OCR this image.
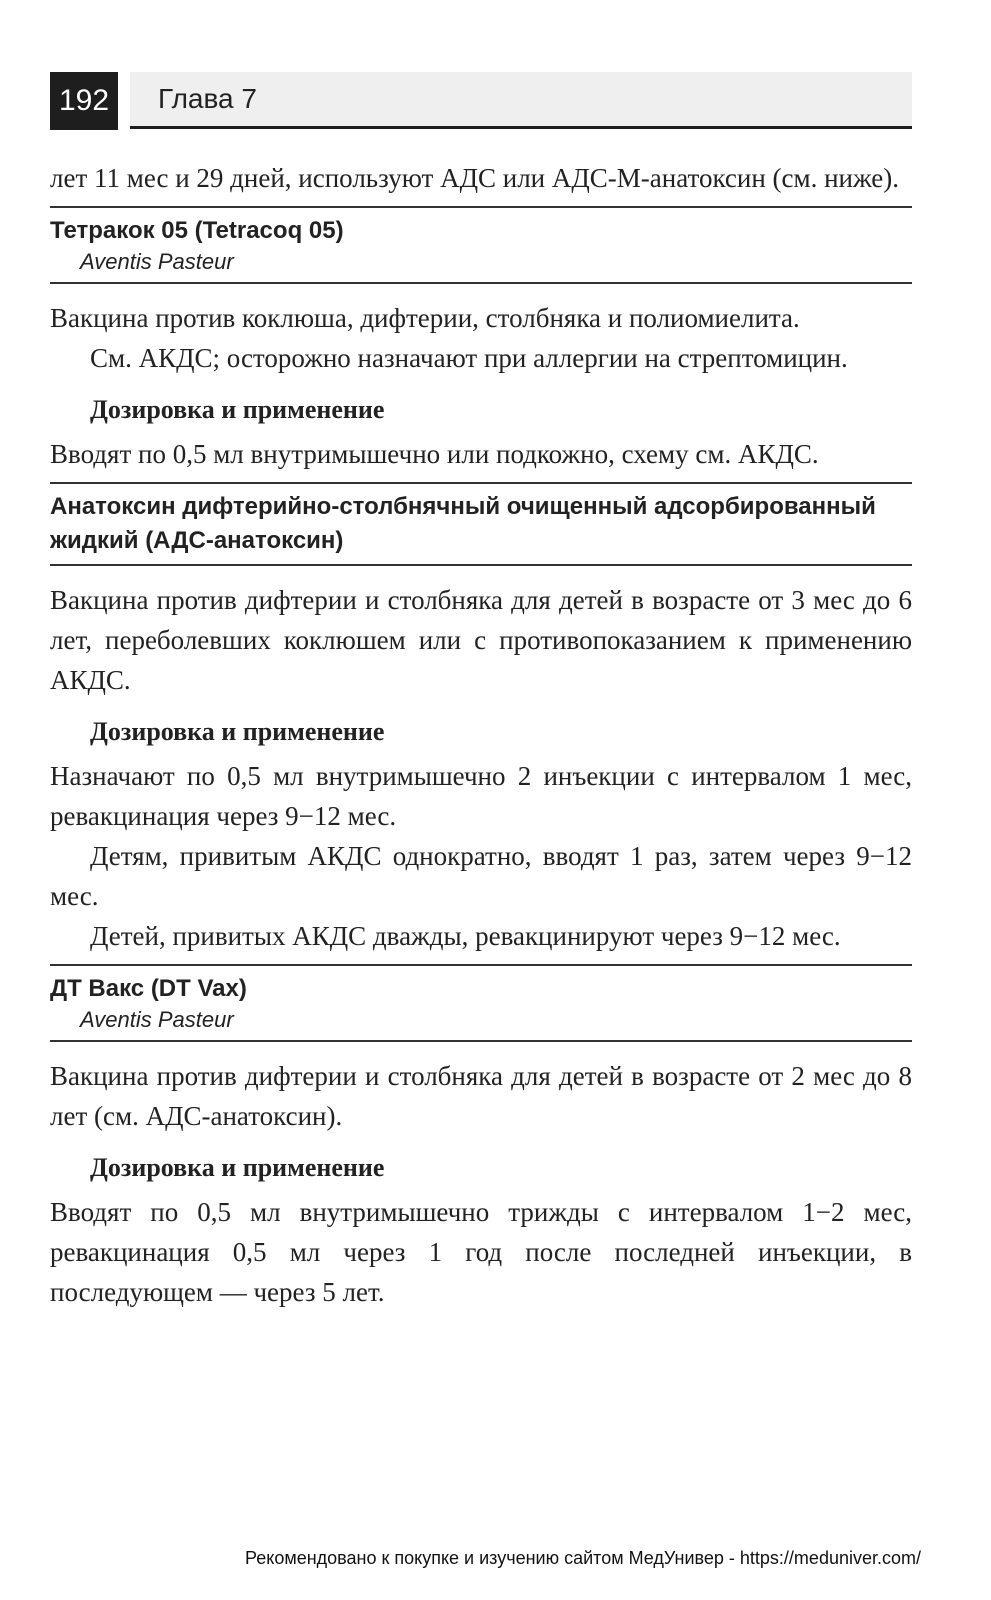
192	Глава 7

лет 11 мес и 29 дней, используют АДС или АДС-М-анатоксин (см. ниже).

Тетракок 05 (Tetracoq 05)
Aventis Pasteur

Вакцина против коклюша, дифтерии, столбняка и полиомиелита.

См. АКДС; осторожно назначают при аллергии на стрептомицин.

Дозировка и применение

Вводят по 0,5 мл внутримышечно или подкожно, схему см. АКДС.

Анатоксин дифтерийно-столбнячный очищенный адсорбированный жидкий (АДС-анатоксин)

Вакцина против дифтерии и столбняка для детей в возрасте от 3 мес до 6 лет, переболевших коклюшем или с противопоказанием к применению АКДС.

Дозировка и применение

Назначают по 0,5 мл внутримышечно 2 инъекции с интервалом 1 мес, ревакцинация через 9−12 мес.

Детям, привитым АКДС однократно, вводят 1 раз, затем через 9−12 мес.

Детей, привитых АКДС дважды, ревакцинируют через 9−12 мес.

ДТ Вакс (DT Vax)
Aventis Pasteur

Вакцина против дифтерии и столбняка для детей в возрасте от 2 мес до 8 лет (см. АДС-анатоксин).

Дозировка и применение

Вводят по 0,5 мл внутримышечно трижды с интервалом 1−2 мес, ревакцинация 0,5 мл через 1 год после последней инъекции, в последующем — через 5 лет.

Рекомендовано к покупке и изучению сайтом МедУнивер - https://meduniver.com/
